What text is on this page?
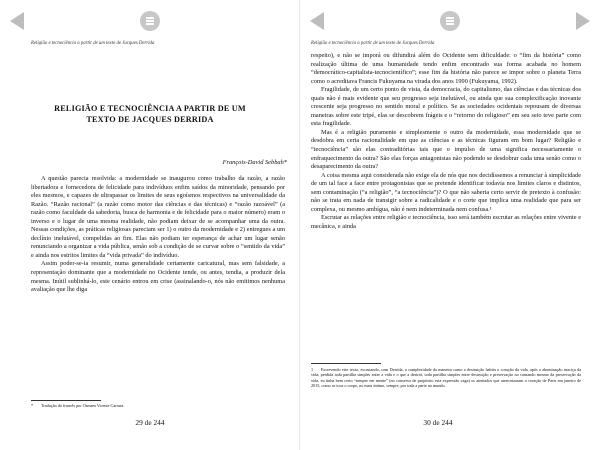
Religião e tecnociência a partir de um texto de Jacques Derrida
RELIGIÃO E TECNOCIÊNCIA A PARTIR DE UM
TEXTO DE JACQUES DERRIDA
François-David Sebbah*

A questão parecia resolvida: a modernidade se inaugurou como trabalho da razão, a razão libertadora e fornecedora de felicidade para indivíduos enfim saídos da minoridade, pensando por eles mesmos, e capazes de ultrapassar os limites de seus egoísmos respectivos na universalidade da Razão. “Razão racional” (a razão como motor das ciências e das técnicas) e “razão razoável” (a razão como faculdade da sabedoria, busca de harmonia e de felicidade para o maior número) eram o inverso e o lugar de uma mesma realidade, não podiam deixar de se acompanhar uma da outra. Nessas condições, as práticas religiosas pareciam ser 1) o outro da modernidade e 2) entregues a um declínio inelutável, compelidas ao fim. Elas não podiam ter esperança de achar um lugar senão renunciando a organizar a vida pública, senão sob a condição de se curvar sobre o “sentido da vida” e ainda nos estritos limites da “vida privada” do indivíduo.

Assim poder-se-ia resumir, numa generalidade certamente caricatural, mas sem falsidade, a representação dominante que a modernidade no Ocidente tende, ou antes, tendia, a produzir dela mesma. Inútil sublinhá-lo, este cenário entrou em crise (assinalando-o, nós não emitimos nenhuma avaliação que lhe diga

* Tradução do francês por Osmam Vicente Carrara.
29 de 244
Religião e tecnociência a partir de um texto de Jacques Derrida

respeito), e não se imporá ou difundirá além do Ocidente sem dificuldade: o “fim da história” como realização última de uma humanidade tendo enfim encontrado sua forma acabada no homem “democrático-capitalista-tecnocientífico”; esse fim da história não parece se impor sobre o planeta Terra como o acreditava Francis Fukuyama na virada dos anos 1990 (Fukuyama, 1992).

Fragilidade, de um certo ponto de vista, da democracia, do capitalismo, das ciências e das técnicas dos quais não é mais evidente que seu progresso seja inelutável, ou ainda que sua complexificação inovante crescente seja progresso no sentido moral e político. Se as sociedades ocidentais repousam de diversas maneiras sobre este tripé, elas se descobrem frágeis e o “retorno do religioso” em seu seio teve parte com esta fragilidade.

Mas é a religião puramente e simplesmente o outro da modernidade, essa modernidade que se desdobra em certa racionalidade em que as ciências e as técnicas figuram em bom lugar? Religião e “tecnociência” são elas contraditórias tais que o impulso de uma significa necessariamente o enfraquecimento da outra? São elas forças antagonistas não podendo se desdobrar cada uma senão como o desaparecimento da outra?

A coisa mesma aqui considerada não exige ela de nós que nos decidíssemos a renunciar à simplicidade de um tal face a face entre protagonistas que se pretende identificar todavia nos limites claros e distintos, sem contaminação (“a religião”, “a tecnociência”)? O que não saberia certo servir de pretexto à confusão: não se trata em nada de transigir sobre a radicalidade e o corte que implica uma realidade que para ser complexa, ou mesmo ambígua, não é nem indeterminada nem confusa.¹

Escrutar as relações entre religião e tecnociência, isso será também escrutar as relações entre vivente e mecânica, e ainda

1 Escrevendo este texto, escrutando, com Derrida, a complexidade da maneira como a destruição habita o coração da vida, após a abominação maciça da vida, perdida toda partilha simples entre a vida e o que a destrói, toda partilha simples entre destruição e preservação no comando mesmo da preservação da vida, eu tinha bem certo “sempre em mente” (no conserva de propósito esta expressão vaga) os atentados que aterrorizaram o coração de Paris em janeiro de 2015, como se toca o corpo, no mais íntimo, sempre, por toda a parte no mundo.
30 de 244
